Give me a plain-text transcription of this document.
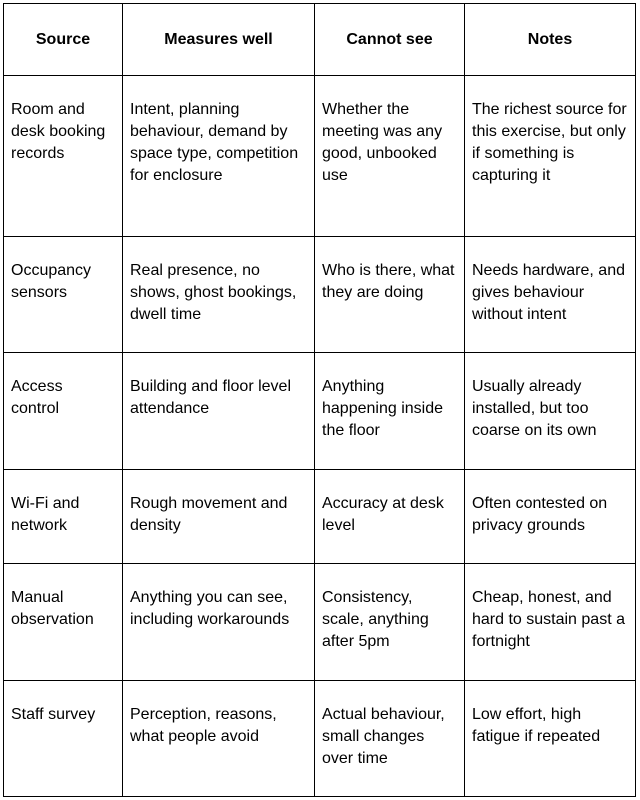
Source	Measures well	Cannot see	Notes

Room and desk booking records	Intent, planning behaviour, demand by space type, competition for enclosure	Whether the meeting was any good, unbooked use	The richest source for this exercise, but only if something is capturing it

Occupancy sensors	Real presence, no shows, ghost bookings, dwell time	Who is there, what they are doing	Needs hardware, and gives behaviour without intent

Access control	Building and floor level attendance	Anything happening inside the floor	Usually already installed, but too coarse on its own

Wi-Fi and network	Rough movement and density	Accuracy at desk level	Often contested on privacy grounds

Manual observation	Anything you can see, including workarounds	Consistency, scale, anything after 5pm	Cheap, honest, and hard to sustain past a fortnight

Staff survey	Perception, reasons, what people avoid	Actual behaviour, small changes over time	Low effort, high fatigue if repeated
